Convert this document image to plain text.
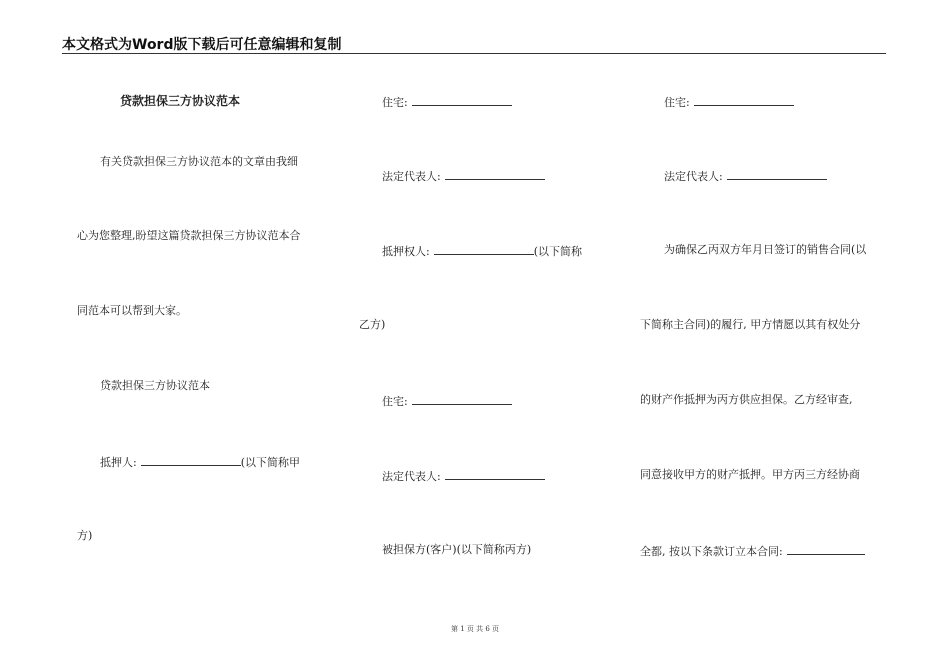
本文格式为Word版下载后可任意编辑和复制
贷款担保三方协议范本
有关贷款担保三方协议范本的文章由我细
心为您整理,盼望这篇贷款担保三方协议范本合
同范本可以帮到大家。
贷款担保三方协议范本
抵押人:	(以下简称甲
方)
住宅:
法定代表人:
抵押权人:	(以下简称
乙方)
住宅:
法定代表人:
被担保方(客户)(以下简称丙方)
住宅:
法定代表人:
为确保乙丙双方年月日签订的销售合同(以
下简称主合同)的履行, 甲方情愿以其有权处分
的财产作抵押为丙方供应担保。乙方经审查,
同意接收甲方的财产抵押。甲方丙三方经协商
全都, 按以下条款订立本合同:
第 1 页 共 6 页
